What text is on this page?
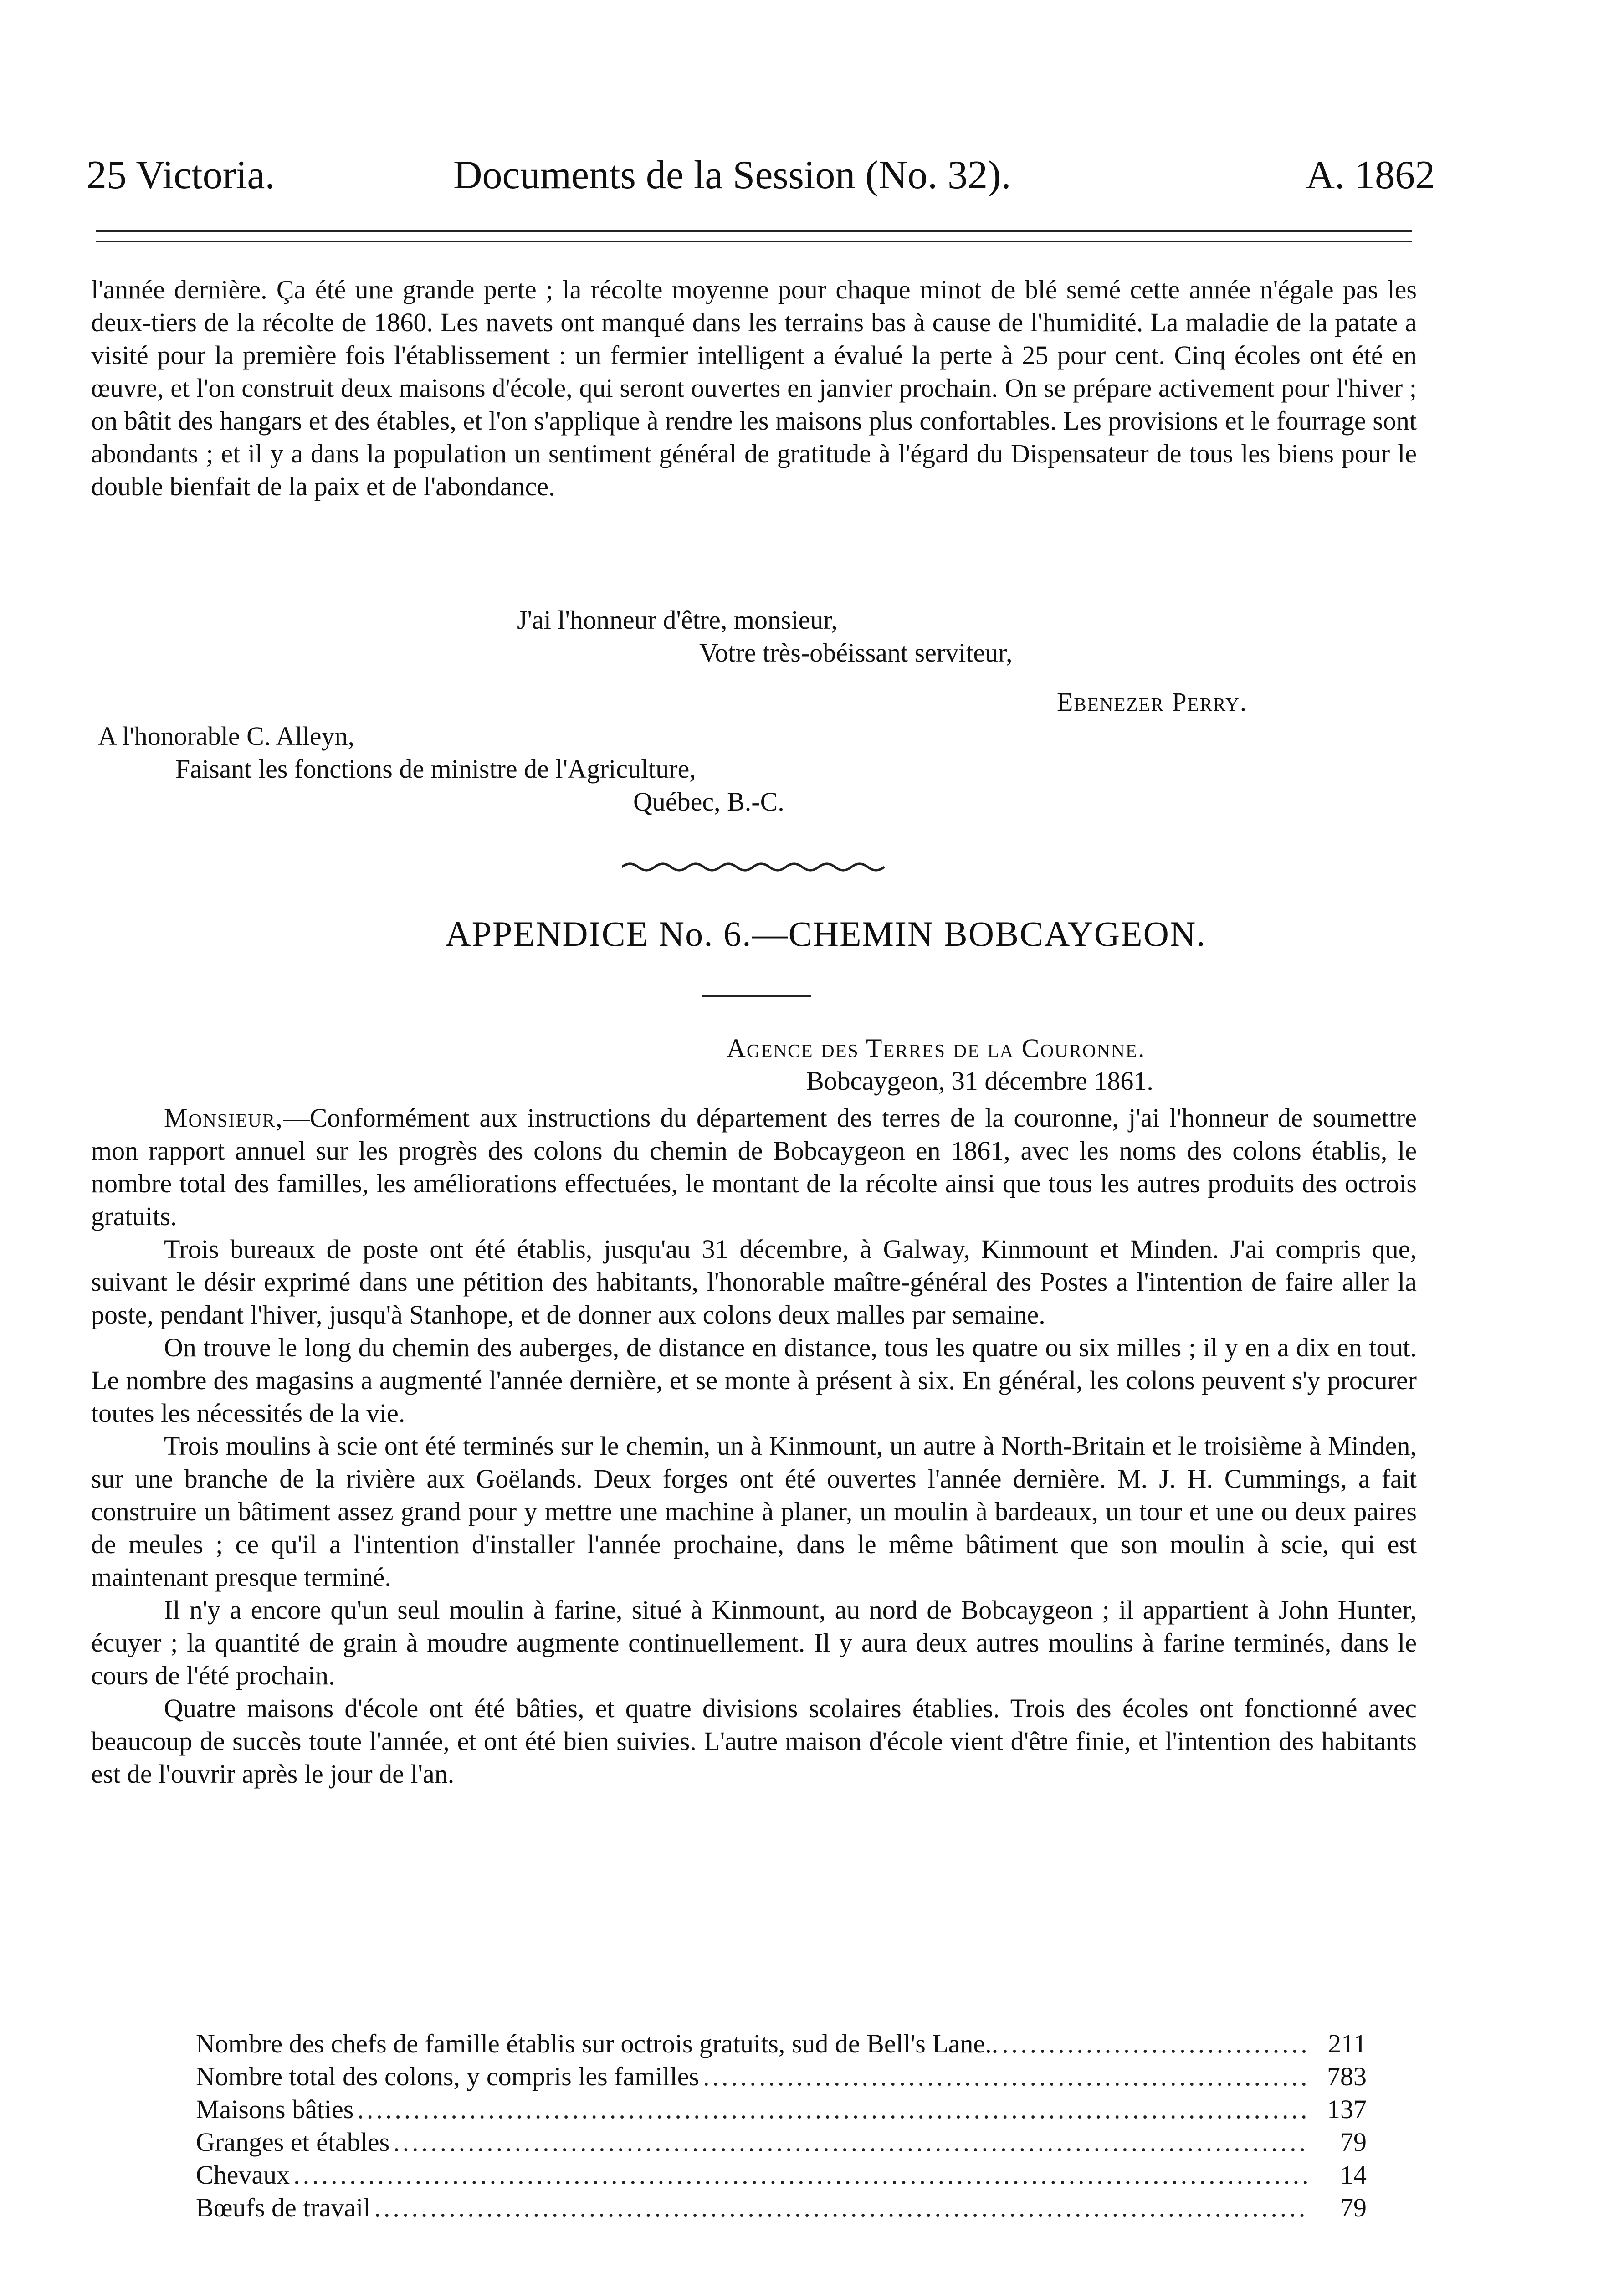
25 Victoria.	Documents de la Session (No. 32).	A. 1862

l'année dernière. Ça été une grande perte ; la récolte moyenne pour chaque minot de blé semé cette année n'égale pas les deux-tiers de la récolte de 1860. Les navets ont manqué dans les terrains bas à cause de l'humidité. La maladie de la patate a visité pour la première fois l'établissement : un fermier intelligent a évalué la perte à 25 pour cent. Cinq écoles ont été en œuvre, et l'on construit deux maisons d'école, qui seront ouvertes en janvier prochain. On se prépare activement pour l'hiver ; on bâtit des hangars et des étables, et l'on s'applique à rendre les maisons plus confortables. Les provisions et le fourrage sont abondants ; et il y a dans la population un sentiment général de gratitude à l'égard du Dispensateur de tous les biens pour le double bienfait de la paix et de l'abondance.

J'ai l'honneur d'être, monsieur,
Votre très-obéissant serviteur,
Ebenezer Perry.
A l'honorable C. Alleyn,
Faisant les fonctions de ministre de l'Agriculture,
Québec, B.-C.
APPENDICE No. 6.—CHEMIN BOBCAYGEON.
Agence des Terres de la Couronne.
Bobcaygeon, 31 décembre 1861.

Monsieur,—Conformément aux instructions du département des terres de la couronne, j'ai l'honneur de soumettre mon rapport annuel sur les progrès des colons du chemin de Bobcaygeon en 1861, avec les noms des colons établis, le nombre total des familles, les améliorations effectuées, le montant de la récolte ainsi que tous les autres produits des octrois gratuits.

Trois bureaux de poste ont été établis, jusqu'au 31 décembre, à Galway, Kinmount et Minden. J'ai compris que, suivant le désir exprimé dans une pétition des habitants, l'honorable maître-général des Postes a l'intention de faire aller la poste, pendant l'hiver, jusqu'à Stanhope, et de donner aux colons deux malles par semaine.

On trouve le long du chemin des auberges, de distance en distance, tous les quatre ou six milles ; il y en a dix en tout. Le nombre des magasins a augmenté l'année dernière, et se monte à présent à six. En général, les colons peuvent s'y procurer toutes les nécessités de la vie.

Trois moulins à scie ont été terminés sur le chemin, un à Kinmount, un autre à North-Britain et le troisième à Minden, sur une branche de la rivière aux Goëlands. Deux forges ont été ouvertes l'année dernière. M. J. H. Cummings, a fait construire un bâtiment assez grand pour y mettre une machine à planer, un moulin à bardeaux, un tour et une ou deux paires de meules ; ce qu'il a l'intention d'installer l'année prochaine, dans le même bâtiment que son moulin à scie, qui est maintenant presque terminé.

Il n'y a encore qu'un seul moulin à farine, situé à Kinmount, au nord de Bobcaygeon ; il appartient à John Hunter, écuyer ; la quantité de grain à moudre augmente continuellement. Il y aura deux autres moulins à farine terminés, dans le cours de l'été prochain.

Quatre maisons d'école ont été bâties, et quatre divisions scolaires établies. Trois des écoles ont fonctionné avec beaucoup de succès toute l'année, et ont été bien suivies. L'autre maison d'école vient d'être finie, et l'intention des habitants est de l'ouvrir après le jour de l'an.

Nombre des chefs de famille établis sur octrois gratuits, sud de Bell's Lane.. .....	211
Nombre total des colons, y compris les familles .....	783
Maisons bâties .....	137
Granges et étables .....	79
Chevaux .....	14
Bœufs de travail .....	79
